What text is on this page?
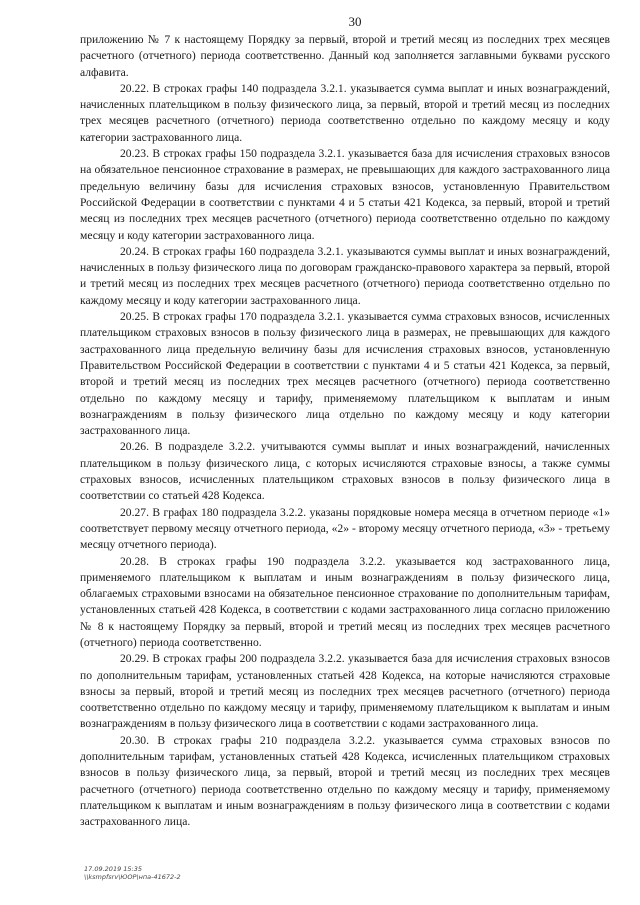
30

приложению № 7 к настоящему Порядку за первый, второй и третий месяц из последних трех месяцев расчетного (отчетного) периода соответственно. Данный код заполняется заглавными буквами русского алфавита.

20.22. В строках графы 140 подраздела 3.2.1. указывается сумма выплат и иных вознаграждений, начисленных плательщиком в пользу физического лица, за первый, второй и третий месяц из последних трех месяцев расчетного (отчетного) периода соответственно отдельно по каждому месяцу и коду категории застрахованного лица.

20.23. В строках графы 150 подраздела 3.2.1. указывается база для исчисления страховых взносов на обязательное пенсионное страхование в размерах, не превышающих для каждого застрахованного лица предельную величину базы для исчисления страховых взносов, установленную Правительством Российской Федерации в соответствии с пунктами 4 и 5 статьи 421 Кодекса, за первый, второй и третий месяц из последних трех месяцев расчетного (отчетного) периода соответственно отдельно по каждому месяцу и коду категории застрахованного лица.

20.24. В строках графы 160 подраздела 3.2.1. указываются суммы выплат и иных вознаграждений, начисленных в пользу физического лица по договорам гражданско-правового характера за первый, второй и третий месяц из последних трех месяцев расчетного (отчетного) периода соответственно отдельно по каждому месяцу и коду категории застрахованного лица.

20.25. В строках графы 170 подраздела 3.2.1. указывается сумма страховых взносов, исчисленных плательщиком страховых взносов в пользу физического лица в размерах, не превышающих для каждого застрахованного лица предельную величину базы для исчисления страховых взносов, установленную Правительством Российской Федерации в соответствии с пунктами 4 и 5 статьи 421 Кодекса, за первый, второй и третий месяц из последних трех месяцев расчетного (отчетного) периода соответственно отдельно по каждому месяцу и тарифу, применяемому плательщиком к выплатам и иным вознаграждениям в пользу физического лица отдельно по каждому месяцу и коду категории застрахованного лица.

20.26. В подразделе 3.2.2. учитываются суммы выплат и иных вознаграждений, начисленных плательщиком в пользу физического лица, с которых исчисляются страховые взносы, а также суммы страховых взносов, исчисленных плательщиком страховых взносов в пользу физического лица в соответствии со статьей 428 Кодекса.

20.27. В графах 180 подраздела 3.2.2. указаны порядковые номера месяца в отчетном периоде «1» соответствует первому месяцу отчетного периода, «2» - второму месяцу отчетного периода, «3» - третьему месяцу отчетного периода).

20.28. В строках графы 190 подраздела 3.2.2. указывается код застрахованного лица, применяемого плательщиком к выплатам и иным вознаграждениям в пользу физического лица, облагаемых страховыми взносами на обязательное пенсионное страхование по дополнительным тарифам, установленных статьей 428 Кодекса, в соответствии с кодами застрахованного лица согласно приложению № 8 к настоящему Порядку за первый, второй и третий месяц из последних трех месяцев расчетного (отчетного) периода соответственно.

20.29. В строках графы 200 подраздела 3.2.2. указывается база для исчисления страховых взносов по дополнительным тарифам, установленных статьей 428 Кодекса, на которые начисляются страховые взносы за первый, второй и третий месяц из последних трех месяцев расчетного (отчетного) периода соответственно отдельно по каждому месяцу и тарифу, применяемому плательщиком к выплатам и иным вознаграждениям в пользу физического лица в соответствии с кодами застрахованного лица.

20.30. В строках графы 210 подраздела 3.2.2. указывается сумма страховых взносов по дополнительным тарифам, установленных статьей 428 Кодекса, исчисленных плательщиком страховых взносов в пользу физического лица, за первый, второй и третий месяц из последних трех месяцев расчетного (отчетного) периода соответственно отдельно по каждому месяцу и тарифу, применяемому плательщиком к выплатам и иным вознаграждениям в пользу физического лица в соответствии с кодами застрахованного лица.

17.09.2019 15:35
\\ksmpfsrv\ЮОР\нпа-41672-2
